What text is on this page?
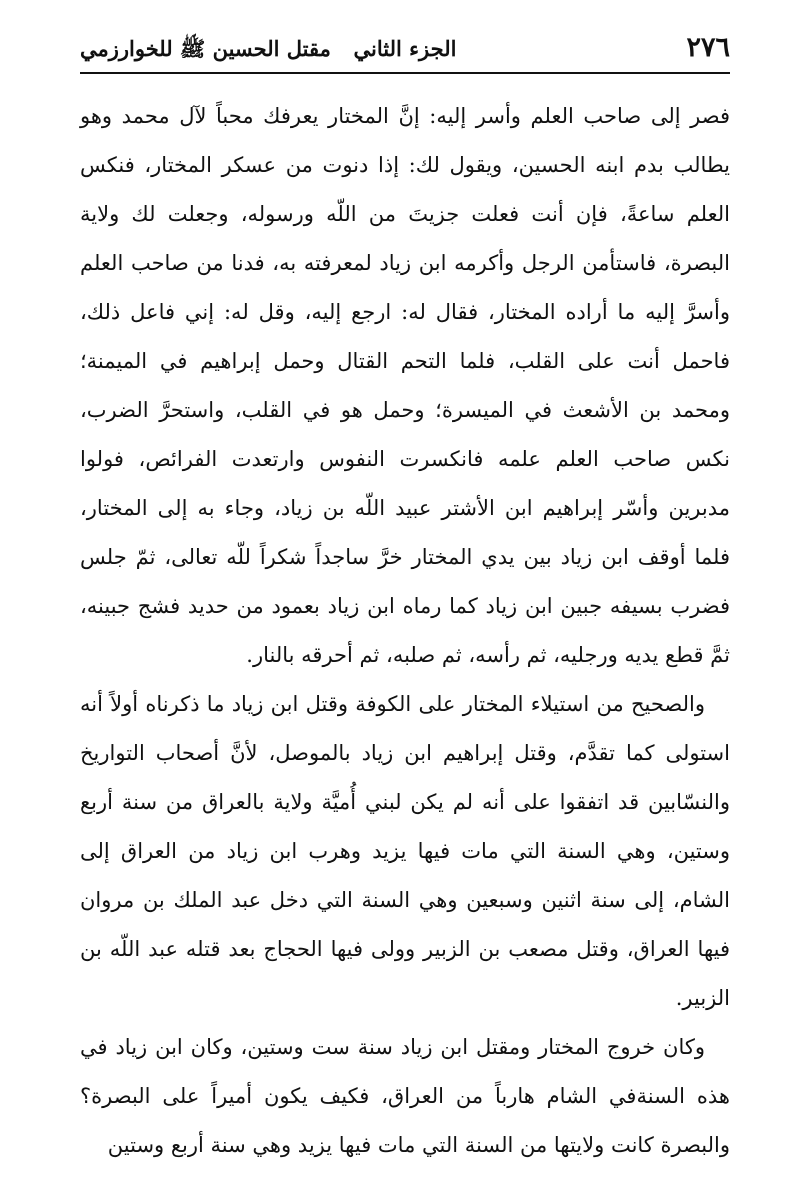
٢٧٦
الجزء الثاني
مقتل الحسين ﷺ للخوارزمي

فصر إلى صاحب العلم وأسر إليه: إنَّ المختار يعرفك محباً لآل محمد وهو يطالب بدم ابنه الحسين، ويقول لك: إذا دنوت من عسكر المختار، فنكس العلم ساعةً، فإن أنت فعلت جزيتَ من اللّه ورسوله، وجعلت لك ولاية البصرة، فاستأمن الرجل وأكرمه ابن زياد لمعرفته به، فدنا من صاحب العلم وأسرَّ إليه ما أراده المختار، فقال له: ارجع إليه، وقل له: إني فاعل ذلك، فاحمل أنت على القلب، فلما التحم القتال وحمل إبراهيم في الميمنة؛ ومحمد بن الأشعث في الميسرة؛ وحمل هو في القلب، واستحرَّ الضرب، نكس صاحب العلم علمه فانكسرت النفوس وارتعدت الفرائص، فولوا مدبرين وأسّر إبراهيم ابن الأشتر عبيد اللّه بن زياد، وجاء به إلى المختار، فلما أوقف ابن زياد بين يدي المختار خرَّ ساجداً شكراً للّه تعالى، ثمّ جلس فضرب بسيفه جبين ابن زياد كما رماه ابن زياد بعمود من حديد فشج جبينه، ثمَّ قطع يديه ورجليه، ثم رأسه، ثم صلبه، ثم أحرقه بالنار.

والصحيح من استيلاء المختار على الكوفة وقتل ابن زياد ما ذكرناه أولاً أنه استولى كما تقدَّم، وقتل إبراهيم ابن زياد بالموصل، لأنَّ أصحاب التواريخ والنسّابين قد اتفقوا على أنه لم يكن لبني أُميَّة ولاية بالعراق من سنة أربع وستين، وهي السنة التي مات فيها يزيد وهرب ابن زياد من العراق إلى الشام، إلى سنة اثنين وسبعين وهي السنة التي دخل عبد الملك بن مروان فيها العراق، وقتل مصعب بن الزبير وولى فيها الحجاج بعد قتله عبد اللّه بن الزبير.

وكان خروج المختار ومقتل ابن زياد سنة ست وستين، وكان ابن زياد في هذه السنةفي الشام هارباً من العراق، فكيف يكون أميراً على البصرة؟ والبصرة كانت ولايتها من السنة التي مات فيها يزيد وهي سنة أربع وستين
